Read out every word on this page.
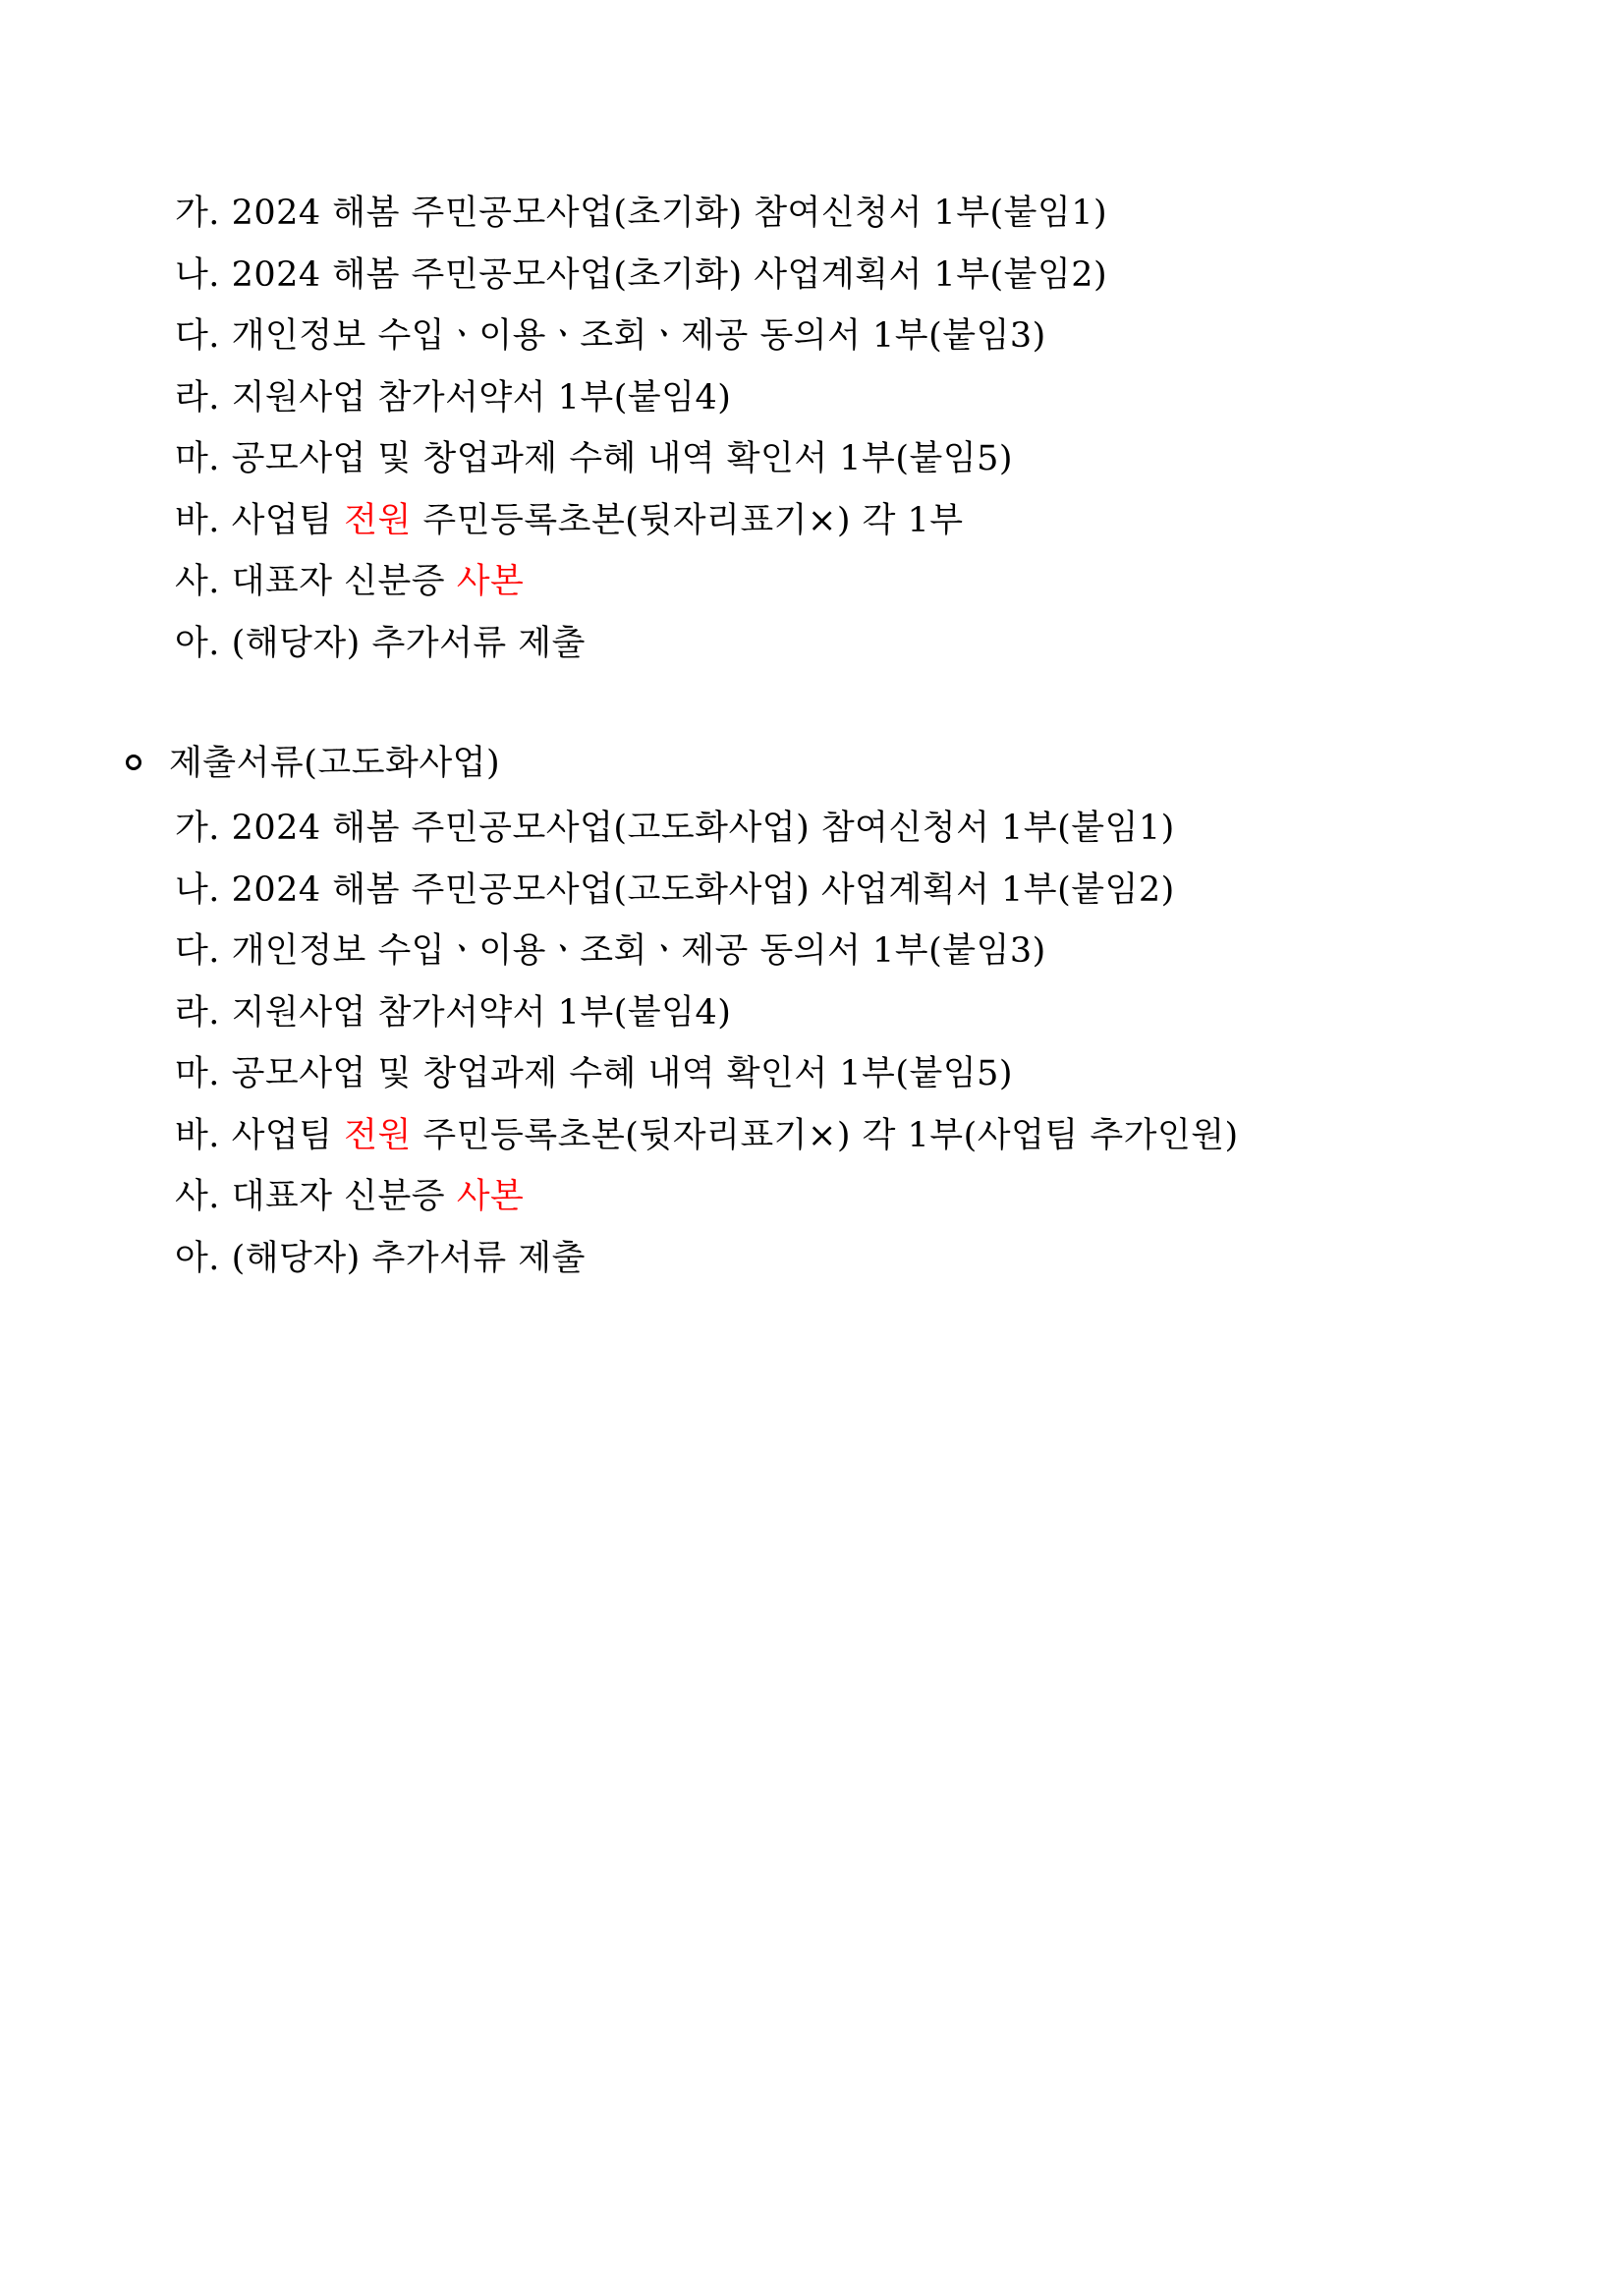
가. 2024 해봄 주민공모사업(초기화) 참여신청서 1부(붙임1)
나. 2024 해봄 주민공모사업(초기화) 사업계획서 1부(붙임2)
다. 개인정보 수입ㆍ이용ㆍ조회ㆍ제공 동의서 1부(붙임3)
라. 지원사업 참가서약서 1부(붙임4)
마. 공모사업 및 창업과제 수혜 내역 확인서 1부(붙임5)
바. 사업팀 전원 주민등록초본(뒷자리표기×) 각 1부
사. 대표자 신분증 사본
아. (해당자) 추가서류 제출
제출서류(고도화사업)
가. 2024 해봄 주민공모사업(고도화사업) 참여신청서 1부(붙임1)
나. 2024 해봄 주민공모사업(고도화사업) 사업계획서 1부(붙임2)
다. 개인정보 수입ㆍ이용ㆍ조회ㆍ제공 동의서 1부(붙임3)
라. 지원사업 참가서약서 1부(붙임4)
마. 공모사업 및 창업과제 수혜 내역 확인서 1부(붙임5)
바. 사업팀 전원 주민등록초본(뒷자리표기×) 각 1부(사업팀 추가인원)
사. 대표자 신분증 사본
아. (해당자) 추가서류 제출
